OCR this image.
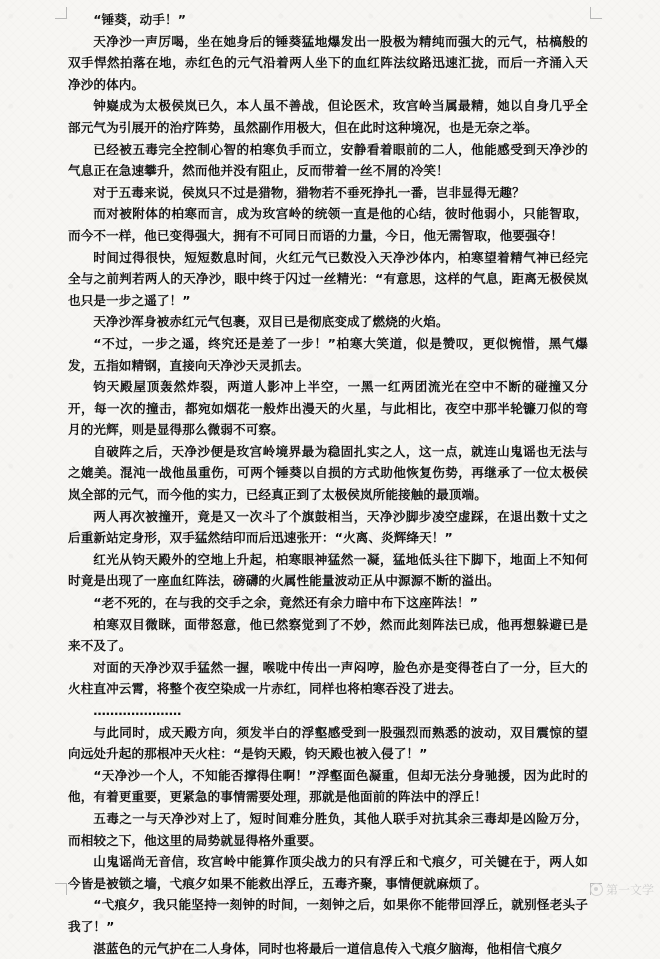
“锤葵，动手！”

天净沙一声厉喝，坐在她身后的锤葵猛地爆发出一股极为精纯而强大的元气，枯槁般的双手悍然拍落在地，赤红色的元气沿着两人坐下的血红阵法纹路迅速汇拢，而后一齐涌入天净沙的体内。

钟嶷成为太极侯岚已久，本人虽不善战，但论医术，玫宫岭当属最精，她以自身几乎全部元气为引展开的治疗阵势，虽然副作用极大，但在此时这种境况，也是无奈之举。

已经被五毒完全控制心智的柏寒负手而立，安静看着眼前的二人，他能感受到天净沙的气息正在急速攀升，然而他并没有阻止，反而带着一丝不屑的冷笑！

对于五毒来说，侯岚只不过是猎物，猎物若不垂死挣扎一番，岂非显得无趣？

而对被附体的柏寒而言，成为玫宫岭的统领一直是他的心结，彼时他弱小，只能智取，而今不一样，他已变得强大，拥有不可同日而语的力量，今日，他无需智取，他要强夺！

时间过得很快，短短数息时间，火红元气已数没入天净沙体内，柏寒望着精气神已经完全与之前判若两人的天净沙，眼中终于闪过一丝精光：“有意思，这样的气息，距离无极侯岚也只是一步之遥了！”

天净沙浑身被赤红元气包裹，双目已是彻底变成了燃烧的火焰。

“不过，一步之遥，终究还是差了一步！”柏寒大笑道，似是赞叹，更似惋惜，黑气爆发，五指如精钢，直接向天净沙天灵抓去。

钧天殿屋顶轰然炸裂，两道人影冲上半空，一黑一红两团流光在空中不断的碰撞又分开，每一次的撞击，都宛如烟花一般炸出漫天的火星，与此相比，夜空中那半轮镰刀似的弯月的光辉，则是显得那么微弱不可察。

自破阵之后，天净沙便是玫宫岭境界最为稳固扎实之人，这一点，就连山鬼谣也无法与之媲美。混沌一战他虽重伤，可两个锤葵以自损的方式助他恢复伤势，再继承了一位太极侯岚全部的元气，而今他的实力，已经真正到了太极侯岚所能接触的最顶端。

两人再次被撞开，竟是又一次斗了个旗鼓相当，天净沙脚步凌空虚踩，在退出数十丈之后重新站定身形，双手猛然结印而后迅速张开：“火离、炎辉绛天！”

红光从钧天殿外的空地上升起，柏寒眼神猛然一凝，猛地低头往下脚下，地面上不知何时竟是出现了一座血红阵法，磅礴的火属性能量波动正从中源源不断的溢出。

“老不死的，在与我的交手之余，竟然还有余力暗中布下这座阵法！”

柏寒双目微眯，面带怒意，他已然察觉到了不妙，然而此刻阵法已成，他再想躲避已是来不及了。

对面的天净沙双手猛然一握，喉咙中传出一声闷哼，脸色亦是变得苍白了一分，巨大的火柱直冲云霄，将整个夜空染成一片赤红，同样也将柏寒吞没了进去。

…………………

与此同时，成天殿方向，须发半白的浮壑感受到一股强烈而熟悉的波动，双目震惊的望向远处升起的那根冲天火柱：“是钧天殿，钧天殿也被入侵了！”

“天净沙一个人，不知能否撑得住啊！”浮壑面色凝重，但却无法分身驰援，因为此时的他，有着更重要，更紧急的事情需要处理，那就是他面前的阵法中的浮丘！

五毒之一与天净沙对上了，短时间难分胜负，其他人联手对抗其余三毒却是凶险万分，而相较之下，他这里的局势就显得格外重要。

山鬼谣尚无音信，玫宫岭中能算作顶尖战力的只有浮丘和弋痕夕，可关键在于，两人如今皆是被锁之墙，弋痕夕如果不能救出浮丘，五毒齐聚，事情便就麻烦了。

“弋痕夕，我只能坚持一刻钟的时间，一刻钟之后，如果你不能带回浮丘，就别怪老头子我了！”

湛蓝色的元气护在二人身体，同时也将最后一道信息传入弋痕夕脑海，他相信弋痕夕

第一文学
